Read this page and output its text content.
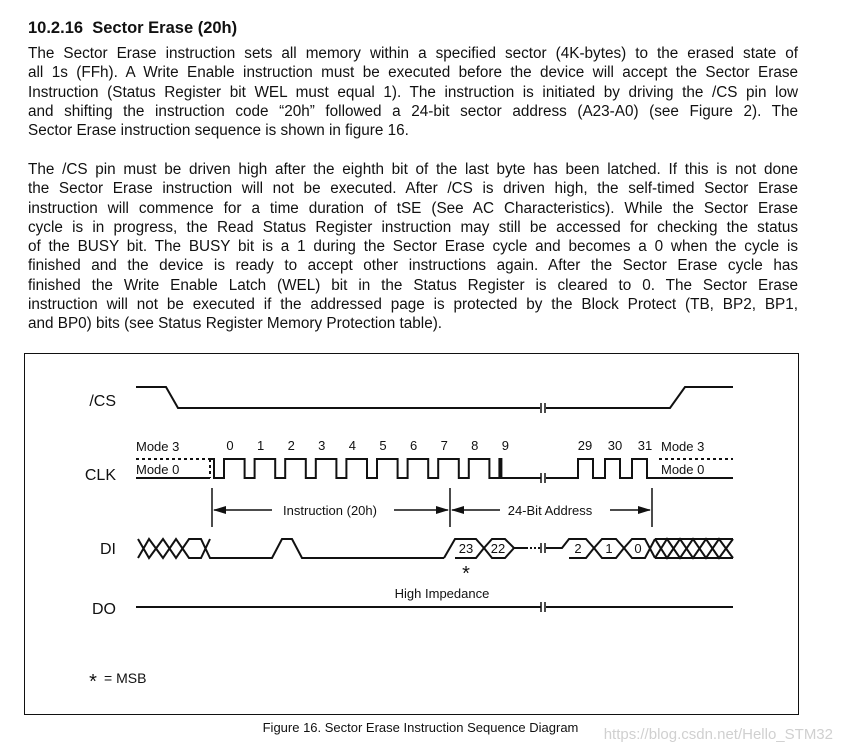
10.2.16 Sector Erase (20h)
The Sector Erase instruction sets all memory within a specified sector (4K-bytes) to the erased state of
all 1s (FFh). A Write Enable instruction must be executed before the device will accept the Sector Erase
Instruction (Status Register bit WEL must equal 1). The instruction is initiated by driving the /CS pin low
and shifting the instruction code “20h” followed a 24-bit sector address (A23-A0) (see Figure 2). The
Sector Erase instruction sequence is shown in figure 16.
The /CS pin must be driven high after the eighth bit of the last byte has been latched. If this is not done
the Sector Erase instruction will not be executed. After /CS is driven high, the self-timed Sector Erase
instruction will commence for a time duration of tSE (See AC Characteristics). While the Sector Erase
cycle is in progress, the Read Status Register instruction may still be accessed for checking the status
of the BUSY bit. The BUSY bit is a 1 during the Sector Erase cycle and becomes a 0 when the cycle is
finished and the device is ready to accept other instructions again. After the Sector Erase cycle has
finished the Write Enable Latch (WEL) bit in the Status Register is cleared to 0. The Sector Erase
instruction will not be executed if the addressed page is protected by the Block Protect (TB, BP2, BP1,
and BP0) bits (see Status Register Memory Protection table).
Instruction (20h)	24-Bit Address
High Impedance
/CS
CLK
DI
DO
Mode 3
Mode 0
Mode 3
Mode 0
0 1 2 3 4 5 6 7 8 9	29 30 31
23 22	2 1 0
*
* = MSB
Figure 16. Sector Erase Instruction Sequence Diagram	https://blog.csdn.net/Hello_STM32
